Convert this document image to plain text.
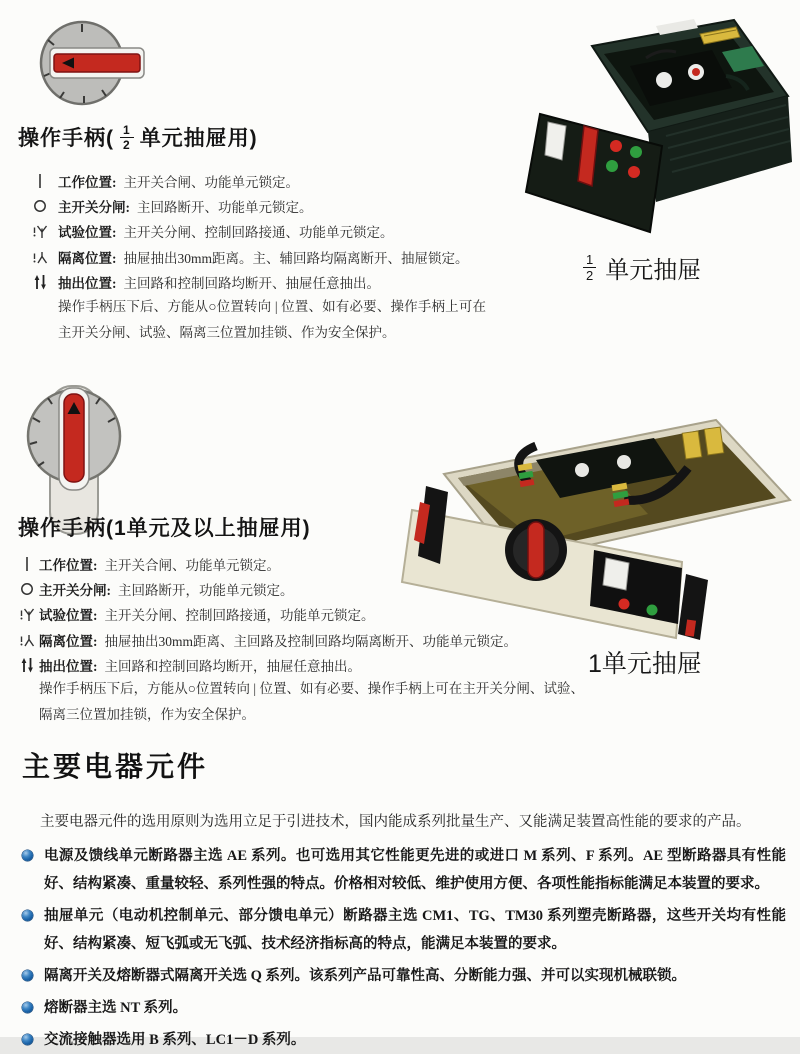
操作手柄( $\frac{1}{2}$ 单元抽屉用)
工作位置: 主开关合闸、功能单元锁定。
主开关分闸: 主回路断开、功能单元锁定。
试验位置: 主开关分闸、控制回路接通、功能单元锁定。
隔离位置: 抽屉抽出30mm距离。主、辅回路均隔离断开、抽屉锁定。
抽出位置: 主回路和控制回路均断开、抽屉任意抽出。
操作手柄压下后、方能从○位置转向 | 位置、如有必要、操作手柄上可在主开关分闸、试验、隔离三位置加挂锁、作为安全保护。
$\frac{1}{2}$ 单元抽屉
操作手柄(1单元及以上抽屉用)
工作位置: 主开关合闸、功能单元锁定。
主开关分闸: 主回路断开，功能单元锁定。
试验位置: 主开关分闸、控制回路接通，功能单元锁定。
隔离位置: 抽屉抽出30mm距离、主回路及控制回路均隔离断开、功能单元锁定。
抽出位置: 主回路和控制回路均断开，抽屉任意抽出。
操作手柄压下后，方能从○位置转向 | 位置、如有必要、操作手柄上可在主开关分闸、试验、隔离三位置加挂锁，作为安全保护。
1单元抽屉
主要电器元件

主要电器元件的选用原则为选用立足于引进技术，国内能成系列批量生产、又能满足装置高性能的要求的产品。

电源及馈线单元断路器主选 AE 系列。也可选用其它性能更先进的或进口 M 系列、F 系列。AE 型断路器具有性能好、结构紧凑、重量较轻、系列性强的特点。价格相对较低、维护使用方便、各项性能指标能满足本装置的要求。
抽屉单元（电动机控制单元、部分馈电单元）断路器主选 CM1、TG、TM30 系列塑壳断路器，这些开关均有性能好、结构紧凑、短飞弧或无飞弧、技术经济指标高的特点，能满足本装置的要求。
隔离开关及熔断器式隔离开关选 Q 系列。该系列产品可靠性高、分断能力强、并可以实现机械联锁。
熔断器主选 NT 系列。
交流接触器选用 B 系列、LC1－D 系列。
